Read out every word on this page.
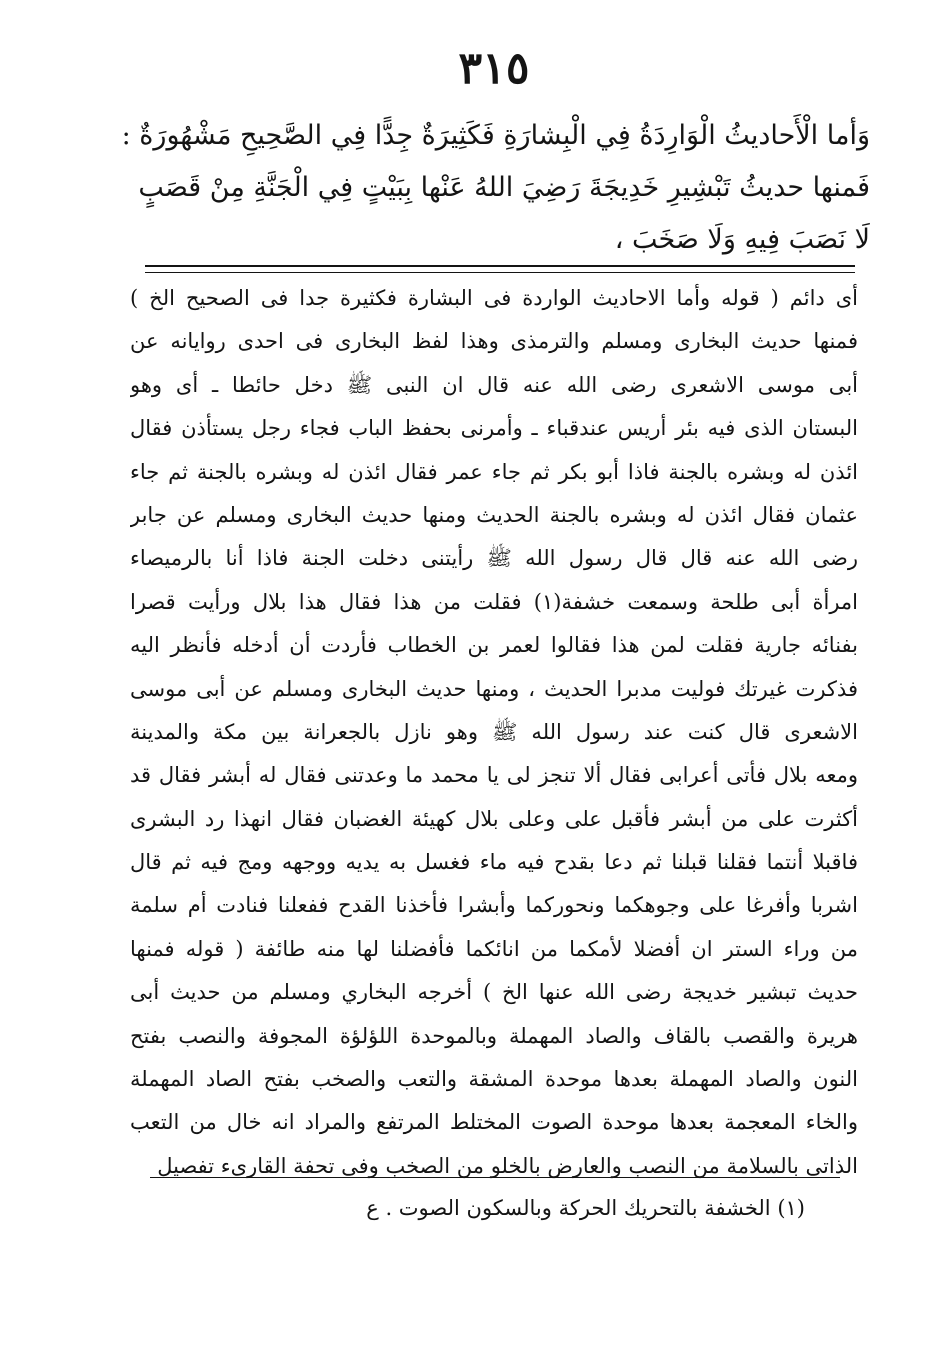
٣١٥
وَأما الْأَحاديثُ الْوَارِدَةُ فِي الْبِشارَةِ فَكَثِيرَةٌ جِدًّا فِي الصَّحِيحِ مَشْهُورَةٌ :
فَمنها حديثُ تَبْشِيرِ خَدِيجَةَ رَضِيَ اللهُ عَنْها بِبَيْتٍ فِي الْجَنَّةِ مِنْ قَصَبٍ
لَا نَصَبَ فِيهِ وَلَا صَخَبَ ،
أى دائم ( قوله وأما الاحاديث الواردة فى البشارة فكثيرة جدا فى الصحيح الخ )
فمنها حديث البخارى ومسلم والترمذى وهذا لفظ البخارى فى احدى روايانه عن
أبى موسى الاشعرى رضى الله عنه قال ان النبى ﷺ دخل حائطا ـ أى وهو
البستان الذى فيه بئر أريس عندقباء ـ وأمرنى بحفظ الباب فجاء رجل يستأذن فقال
ائذن له وبشره بالجنة فاذا أبو بكر ثم جاء عمر فقال ائذن له وبشره بالجنة ثم جاء
عثمان فقال ائذن له وبشره بالجنة الحديث ومنها حديث البخارى ومسلم عن جابر
رضى الله عنه قال قال رسول الله ﷺ رأيتنى دخلت الجنة فاذا أنا بالرميصاء
امرأة أبى طلحة وسمعت خشفة(١) فقلت من هذا فقال هذا بلال ورأيت قصرا
بفنائه جارية فقلت لمن هذا فقالوا لعمر بن الخطاب فأردت أن أدخله فأنظر اليه
فذكرت غيرتك فوليت مدبرا الحديث ، ومنها حديث البخارى ومسلم عن أبى موسى
الاشعرى قال كنت عند رسول الله ﷺ وهو نازل بالجعرانة بين مكة والمدينة
ومعه بلال فأتى أعرابى فقال ألا تنجز لى يا محمد ما وعدتنى فقال له أبشر فقال قد
أكثرت على من أبشر فأقبل على وعلى بلال كهيئة الغضبان فقال انهذا رد البشرى
فاقبلا أنتما فقلنا قبلنا ثم دعا بقدح فيه ماء فغسل به يديه ووجهه ومج فيه ثم قال
اشربا وأفرغا على وجوهكما ونحوركما وأبشرا فأخذنا القدح ففعلنا فنادت أم سلمة
من وراء الستر ان أفضلا لأمكما من انائكما فأفضلنا لها منه طائفة ( قوله فمنها
حديث تبشير خديجة رضى الله عنها الخ ) أخرجه البخاري ومسلم من حديث أبى
هريرة والقصب بالقاف والصاد المهملة وبالموحدة اللؤلؤة المجوفة والنصب بفتح
النون والصاد المهملة بعدها موحدة المشقة والتعب والصخب بفتح الصاد المهملة
والخاء المعجمة بعدها موحدة الصوت المختلط المرتفع والمراد انه خال من التعب
الذاتى بالسلامة من النصب والعارض بالخلو من الصخب وفى تحفة القارىء تفصيل
(١) الخشفة بالتحريك الحركة وبالسكون الصوت . ع
